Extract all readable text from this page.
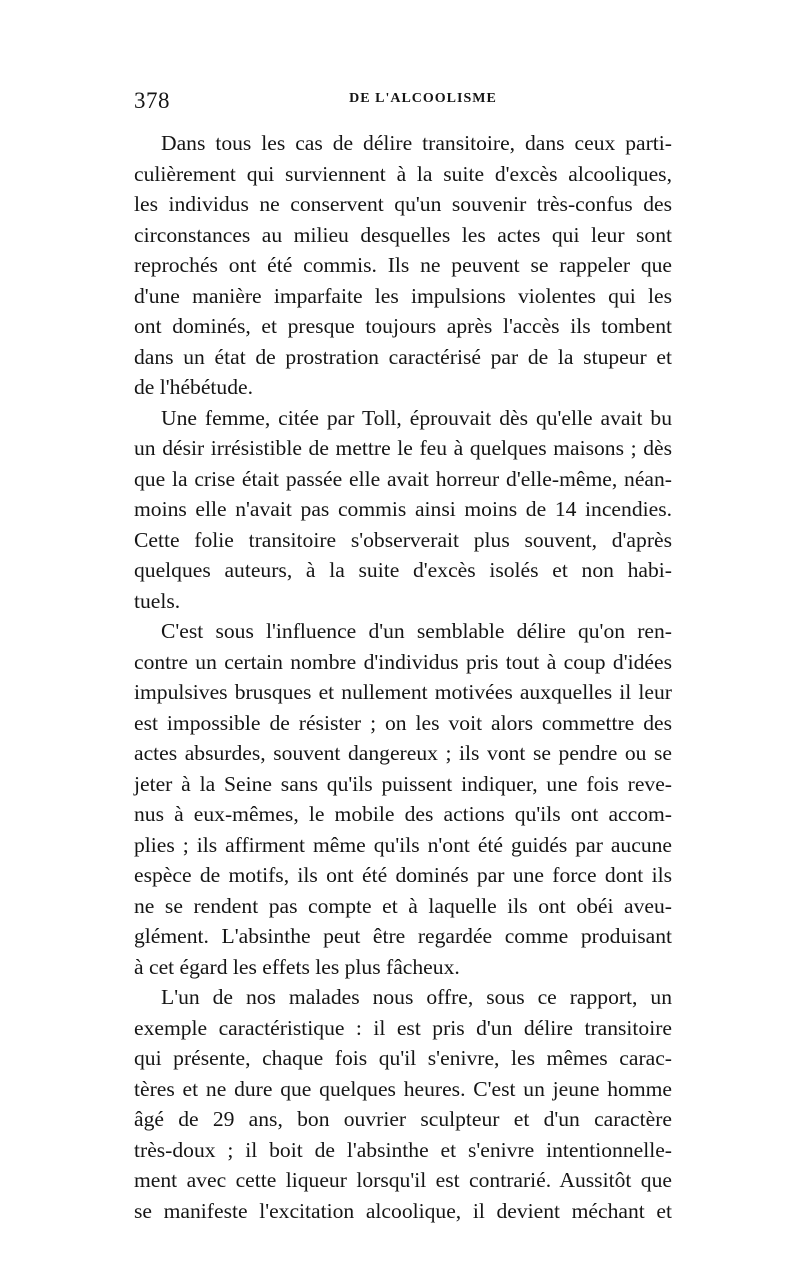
378	DE L'ALCOOLISME

Dans tous les cas de délire transitoire, dans ceux parti-
culièrement qui surviennent à la suite d'excès alcooliques,
les individus ne conservent qu'un souvenir très-confus des
circonstances au milieu desquelles les actes qui leur sont
reprochés ont été commis. Ils ne peuvent se rappeler que
d'une manière imparfaite les impulsions violentes qui les
ont dominés, et presque toujours après l'accès ils tombent
dans un état de prostration caractérisé par de la stupeur et
de l'hébétude.

Une femme, citée par Toll, éprouvait dès qu'elle avait bu
un désir irrésistible de mettre le feu à quelques maisons ; dès
que la crise était passée elle avait horreur d'elle-même, néan-
moins elle n'avait pas commis ainsi moins de 14 incendies.
Cette folie transitoire s'observerait plus souvent, d'après
quelques auteurs, à la suite d'excès isolés et non habi-
tuels.

C'est sous l'influence d'un semblable délire qu'on ren-
contre un certain nombre d'individus pris tout à coup d'idées
impulsives brusques et nullement motivées auxquelles il leur
est impossible de résister ; on les voit alors commettre des
actes absurdes, souvent dangereux ; ils vont se pendre ou se
jeter à la Seine sans qu'ils puissent indiquer, une fois reve-
nus à eux-mêmes, le mobile des actions qu'ils ont accom-
plies ; ils affirment même qu'ils n'ont été guidés par aucune
espèce de motifs, ils ont été dominés par une force dont ils
ne se rendent pas compte et à laquelle ils ont obéi aveu-
glément. L'absinthe peut être regardée comme produisant
à cet égard les effets les plus fâcheux.

L'un de nos malades nous offre, sous ce rapport, un
exemple caractéristique : il est pris d'un délire transitoire
qui présente, chaque fois qu'il s'enivre, les mêmes carac-
tères et ne dure que quelques heures. C'est un jeune homme
âgé de 29 ans, bon ouvrier sculpteur et d'un caractère
très-doux ; il boit de l'absinthe et s'enivre intentionnelle-
ment avec cette liqueur lorsqu'il est contrarié. Aussitôt que
se manifeste l'excitation alcoolique, il devient méchant et
